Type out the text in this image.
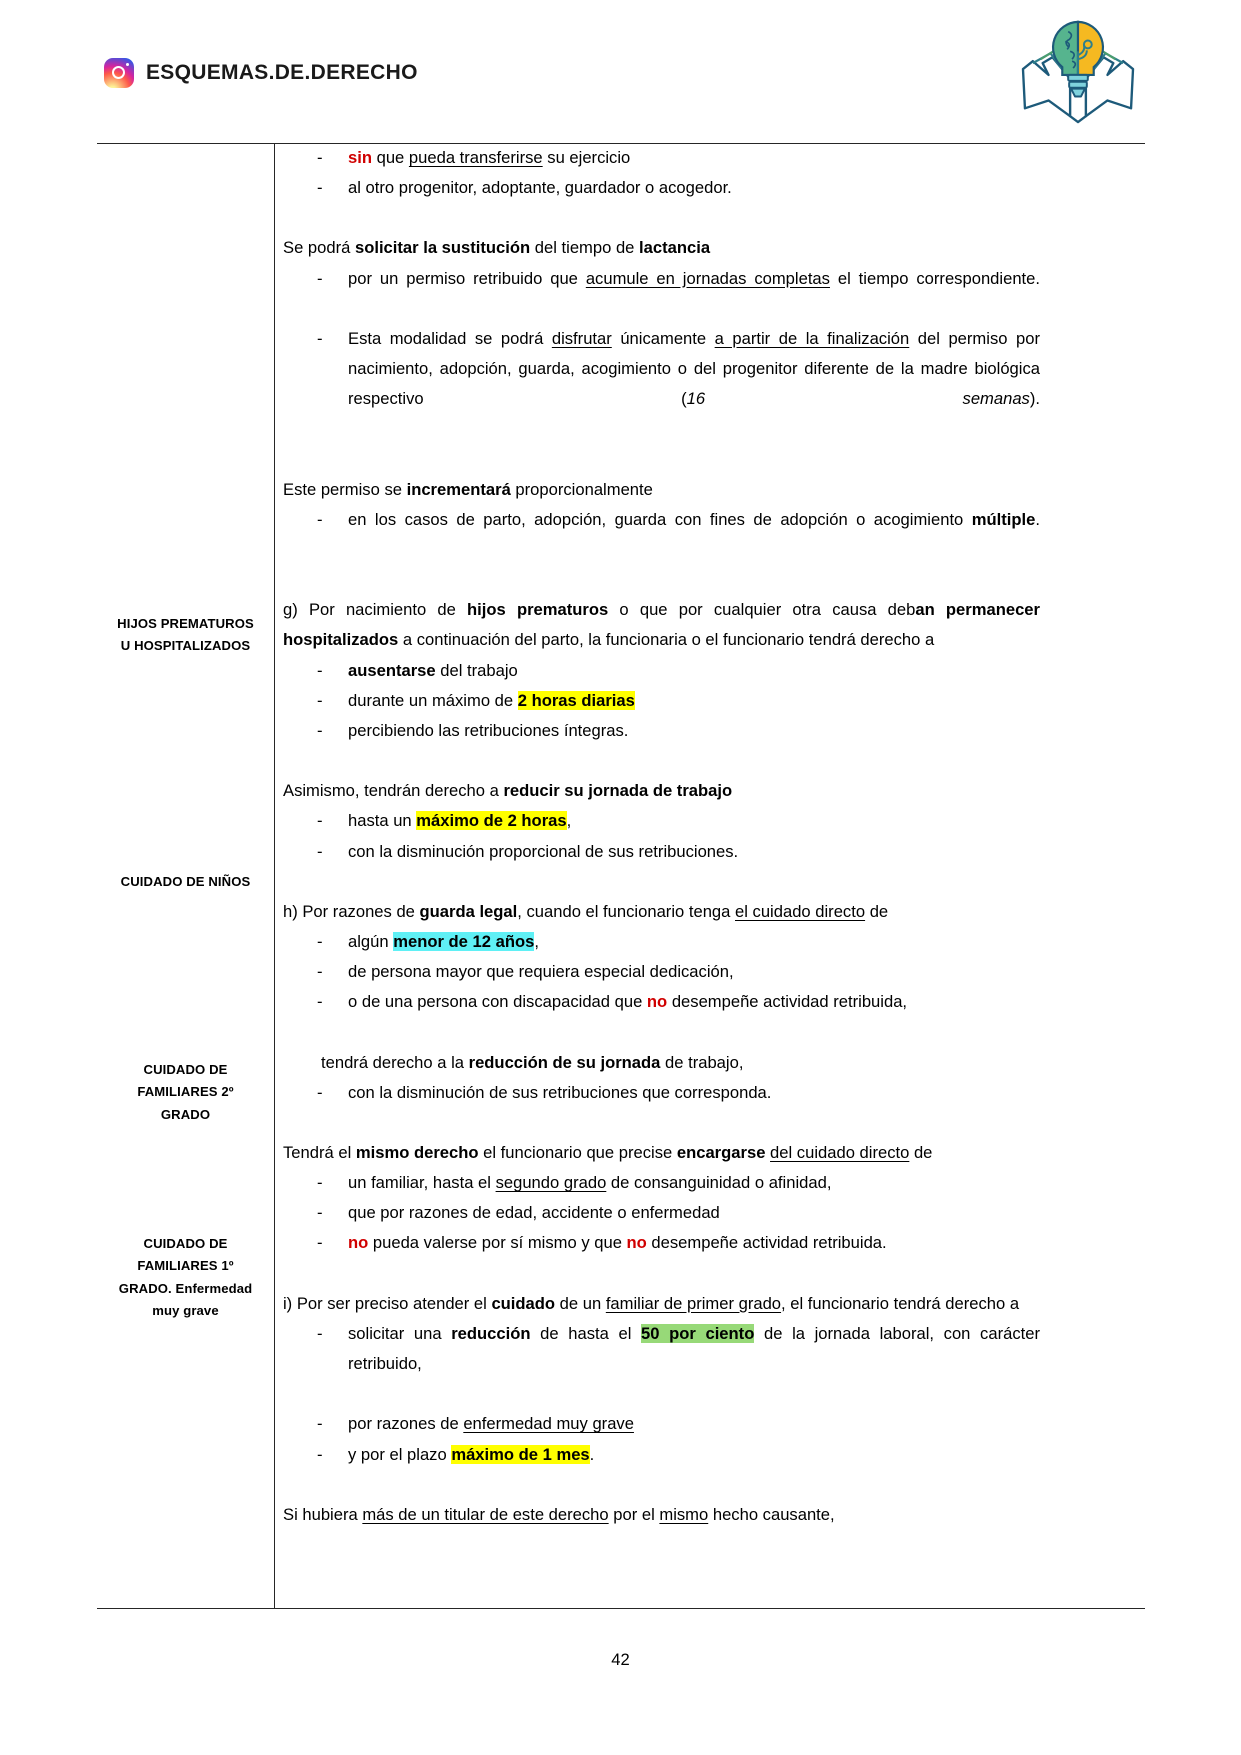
ESQUEMAS.DE.DERECHO
HIJOS PREMATUROS
U HOSPITALIZADOS
CUIDADO DE NIÑOS
CUIDADO DE
FAMILIARES 2º
GRADO
CUIDADO DE
FAMILIARES 1º
GRADO. Enfermedad
muy grave
- sin que pueda transferirse su ejercicio
- al otro progenitor, adoptante, guardador o acogedor.

Se podrá solicitar la sustitución del tiempo de lactancia

- por un permiso retribuido que acumule en jornadas completas el tiempo correspondiente.
- Esta modalidad se podrá disfrutar únicamente a partir de la finalización del permiso por nacimiento, adopción, guarda, acogimiento o del progenitor diferente de la madre biológica respectivo (16 semanas).

Este permiso se incrementará proporcionalmente

- en los casos de parto, adopción, guarda con fines de adopción o acogimiento múltiple.

g) Por nacimiento de hijos prematuros o que por cualquier otra causa deban permanecer hospitalizados a continuación del parto, la funcionaria o el funcionario tendrá derecho a

- ausentarse del trabajo
- durante un máximo de 2 horas diarias
- percibiendo las retribuciones íntegras.

Asimismo, tendrán derecho a reducir su jornada de trabajo

- hasta un máximo de 2 horas,
- con la disminución proporcional de sus retribuciones.

h) Por razones de guarda legal, cuando el funcionario tenga el cuidado directo de

- algún menor de 12 años,
- de persona mayor que requiera especial dedicación,
- o de una persona con discapacidad que no desempeñe actividad retribuida,

tendrá derecho a la reducción de su jornada de trabajo,

- con la disminución de sus retribuciones que corresponda.

Tendrá el mismo derecho el funcionario que precise encargarse del cuidado directo de

- un familiar, hasta el segundo grado de consanguinidad o afinidad,
- que por razones de edad, accidente o enfermedad
- no pueda valerse por sí mismo y que no desempeñe actividad retribuida.

i) Por ser preciso atender el cuidado de un familiar de primer grado, el funcionario tendrá derecho a

- solicitar una reducción de hasta el 50 por ciento de la jornada laboral, con carácter retribuido,
- por razones de enfermedad muy grave
- y por el plazo máximo de 1 mes.

Si hubiera más de un titular de este derecho por el mismo hecho causante,

42
